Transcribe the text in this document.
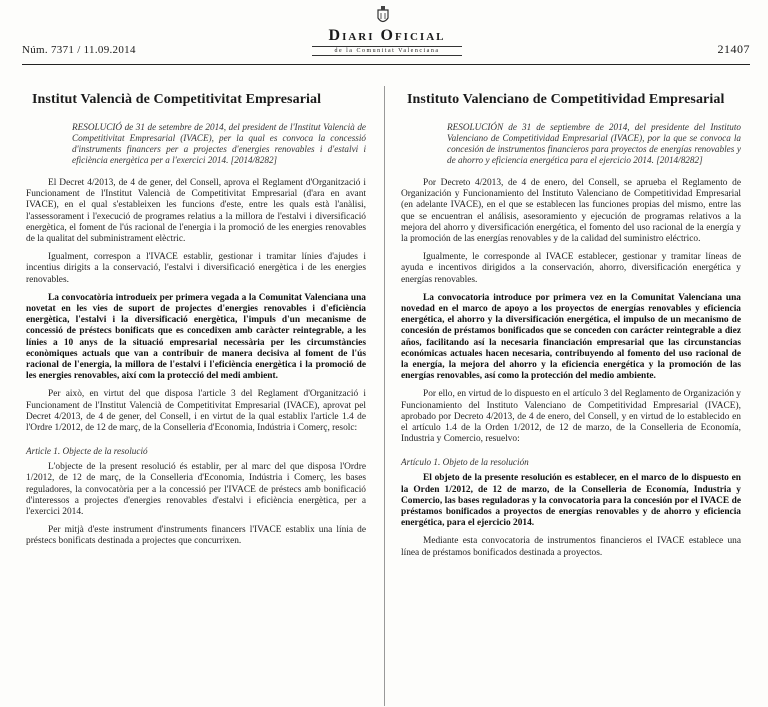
Núm. 7371 / 11.09.2014
Diari Oficial
de la Comunitat Valenciana	21407
Institut Valencià de Competitivitat Empresarial
RESOLUCIÓ de 31 de setembre de 2014, del president de l'Institut Valencià de Competitivitat Empresarial (IVACE), per la qual es convoca la concessió d'instruments financers per a projectes d'energies renovables i d'estalvi i eficiència energètica per a l'exercici 2014. [2014/8282]

El Decret 4/2013, de 4 de gener, del Consell, aprova el Reglament d'Organització i Funcionament de l'Institut Valencià de Competitivitat Empresarial (d'ara en avant IVACE), en el qual s'estableixen les funcions d'este, entre les quals està l'anàlisi, l'assessorament i l'execució de programes relatius a la millora de l'estalvi i diversificació energètica, el foment de l'ús racional de l'energia i la promoció de les energies renovables de la qualitat del subministrament elèctric.

Igualment, correspon a l'IVACE establir, gestionar i tramitar línies d'ajudes i incentius dirigits a la conservació, l'estalvi i diversificació energètica i de les energies renovables.

La convocatòria introdueix per primera vegada a la Comunitat Valenciana una novetat en les vies de suport de projectes d'energies renovables i d'eficiència energètica, l'estalvi i la diversificació energètica, l'impuls d'un mecanisme de concessió de préstecs bonificats que es concedixen amb caràcter reintegrable, a les línies a 10 anys de la situació empresarial necessària per les circumstàncies econòmiques actuals que van a contribuir de manera decisiva al foment de l'ús racional de l'energia, la millora de l'estalvi i l'eficiència energètica i la promoció de les energies renovables, així com la protecció del medi ambient.

Per això, en virtut del que disposa l'article 3 del Reglament d'Organització i Funcionament de l'Institut Valencià de Competitivitat Empresarial (IVACE), aprovat pel Decret 4/2013, de 4 de gener, del Consell, i en virtut de la qual establix l'article 1.4 de l'Ordre 1/2012, de 12 de març, de la Conselleria d'Economia, Indústria i Comerç, resolc:

Article 1. Objecte de la resolució

L'objecte de la present resolució és establir, per al marc del que disposa l'Ordre 1/2012, de 12 de març, de la Conselleria d'Economia, Indústria i Comerç, les bases reguladores, la convocatòria per a la concessió per l'IVACE de préstecs amb bonificació d'interessos a projectes d'energies renovables d'estalvi i eficiència energètica, per a l'exercici 2014.

Per mitjà d'este instrument d'instruments financers l'IVACE establix una línia de préstecs bonificats destinada a projectes que concurrixen.

Instituto Valenciano de Competitividad Empresarial
RESOLUCIÓN de 31 de septiembre de 2014, del presidente del Instituto Valenciano de Competitividad Empresarial (IVACE), por la que se convoca la concesión de instrumentos financieros para proyectos de energías renovables y de ahorro y eficiencia energética para el ejercicio 2014. [2014/8282]

Por Decreto 4/2013, de 4 de enero, del Consell, se aprueba el Reglamento de Organización y Funcionamiento del Instituto Valenciano de Competitividad Empresarial (en adelante IVACE), en el que se establecen las funciones propias del mismo, entre las que se encuentran el análisis, asesoramiento y ejecución de programas relativos a la mejora del ahorro y diversificación energética, el fomento del uso racional de la energía y la promoción de las energías renovables y de la calidad del suministro eléctrico.

Igualmente, le corresponde al IVACE establecer, gestionar y tramitar líneas de ayuda e incentivos dirigidos a la conservación, ahorro, diversificación energética y energías renovables.

La convocatoria introduce por primera vez en la Comunitat Valenciana una novedad en el marco de apoyo a los proyectos de energías renovables y eficiencia energética, el ahorro y la diversificación energética, el impulso de un mecanismo de concesión de préstamos bonificados que se conceden con carácter reintegrable a diez años, facilitando así la necesaria financiación empresarial que las circunstancias económicas actuales hacen necesaria, contribuyendo al fomento del uso racional de la energía, la mejora del ahorro y la eficiencia energética y la promoción de las energías renovables, así como la protección del medio ambiente.

Por ello, en virtud de lo dispuesto en el artículo 3 del Reglamento de Organización y Funcionamiento del Instituto Valenciano de Competitividad Empresarial (IVACE), aprobado por Decreto 4/2013, de 4 de enero, del Consell, y en virtud de lo establecido en el artículo 1.4 de la Orden 1/2012, de 12 de marzo, de la Conselleria de Economía, Industria y Comercio, resuelvo:

Artículo 1. Objeto de la resolución

El objeto de la presente resolución es establecer, en el marco de lo dispuesto en la Orden 1/2012, de 12 de marzo, de la Conselleria de Economía, Industria y Comercio, las bases reguladoras y la convocatoria para la concesión por el IVACE de préstamos bonificados a proyectos de energías renovables y de ahorro y eficiencia energética, para el ejercicio 2014.

Mediante esta convocatoria de instrumentos financieros el IVACE establece una línea de préstamos bonificados destinada a proyectos.
